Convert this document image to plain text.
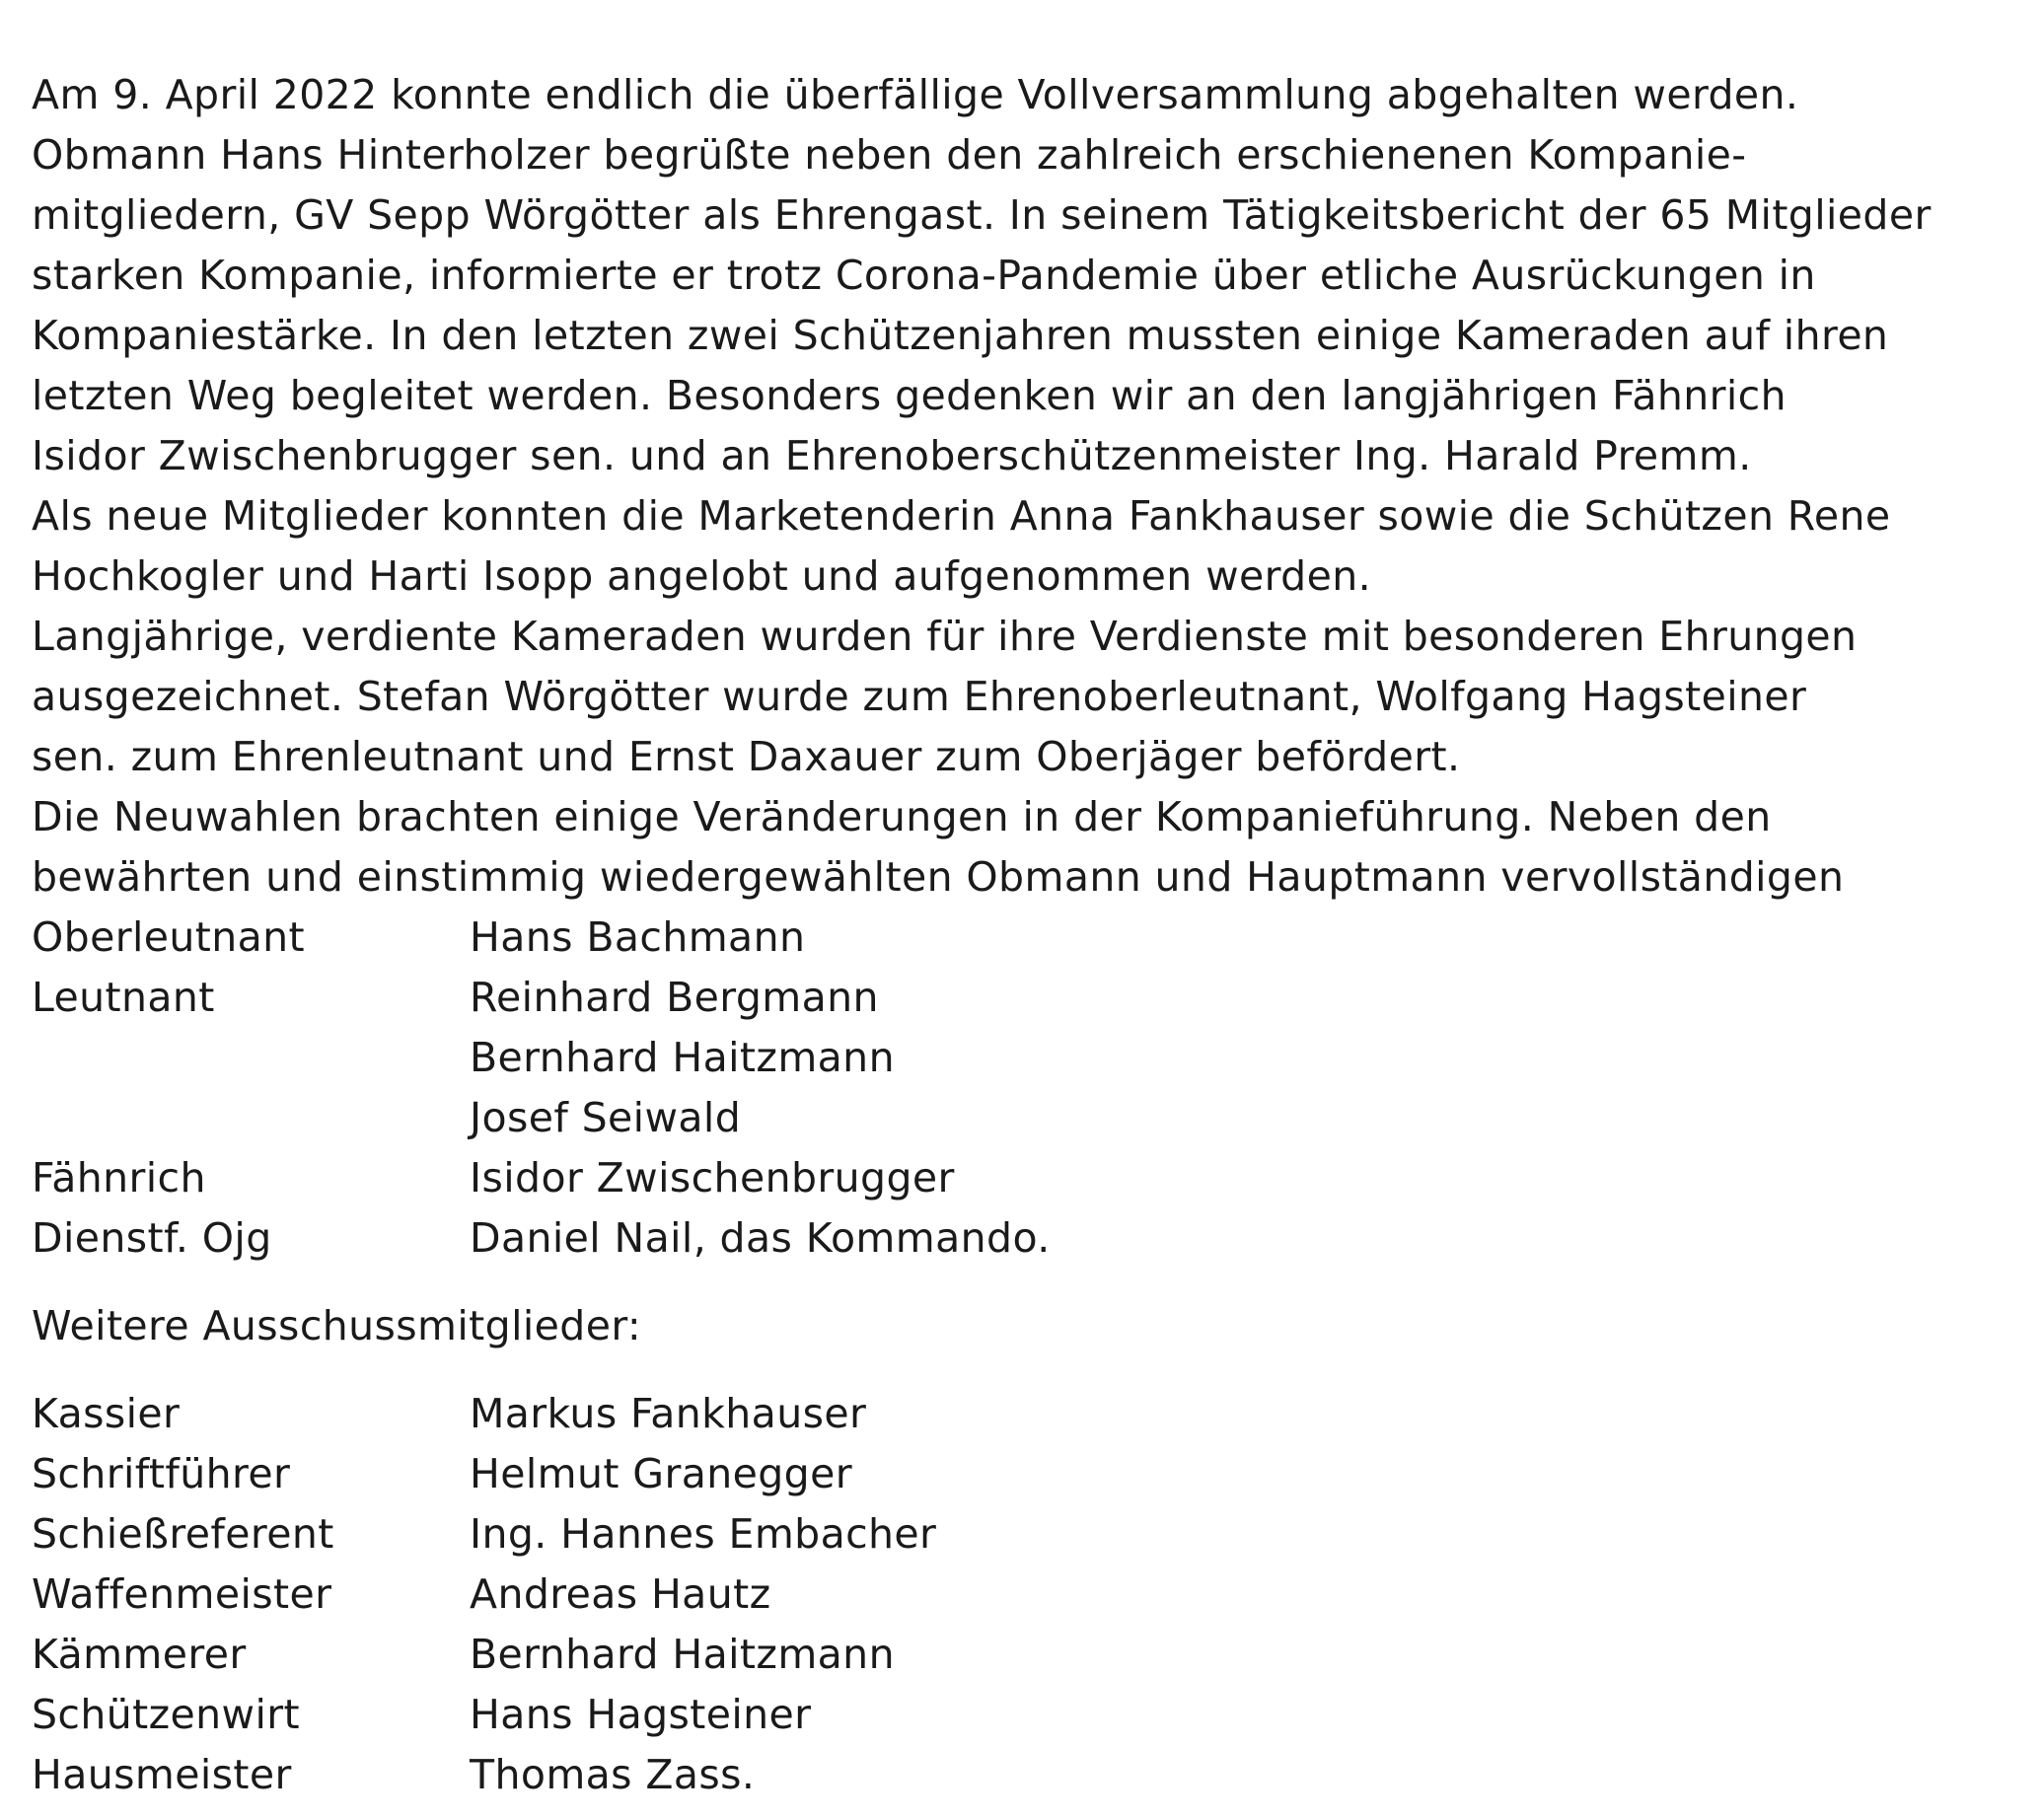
Am 9. April 2022 konnte endlich die überfällige Vollversammlung abgehalten werden.
Obmann Hans Hinterholzer begrüßte neben den zahlreich erschienenen Kompanie-
mitgliedern, GV Sepp Wörgötter als Ehrengast. In seinem Tätigkeitsbericht der 65 Mitglieder
starken Kompanie, informierte er trotz Corona-Pandemie über etliche Ausrückungen in
Kompaniestärke. In den letzten zwei Schützenjahren mussten einige Kameraden auf ihren
letzten Weg begleitet werden. Besonders gedenken wir an den langjährigen Fähnrich
Isidor Zwischenbrugger sen. und an Ehrenoberschützenmeister Ing. Harald Premm.
Als neue Mitglieder konnten die Marketenderin Anna Fankhauser sowie die Schützen Rene
Hochkogler und Harti Isopp angelobt und aufgenommen werden.
Langjährige, verdiente Kameraden wurden für ihre Verdienste mit besonderen Ehrungen
ausgezeichnet. Stefan Wörgötter wurde zum Ehrenoberleutnant, Wolfgang Hagsteiner
sen. zum Ehrenleutnant und Ernst Daxauer zum Oberjäger befördert.
Die Neuwahlen brachten einige Veränderungen in der Kompanieführung. Neben den
bewährten und einstimmig wiedergewählten Obmann und Hauptmann vervollständigen
Oberleutnant	Hans Bachmann
Leutnant	Reinhard Bergmann
Bernhard Haitzmann
Josef Seiwald
Fähnrich	Isidor Zwischenbrugger
Dienstf. Ojg	Daniel Nail, das Kommando.
Weitere Ausschussmitglieder:
Kassier	Markus Fankhauser
Schriftführer	Helmut Granegger
Schießreferent	Ing. Hannes Embacher
Waffenmeister	Andreas Hautz
Kämmerer	Bernhard Haitzmann
Schützenwirt	Hans Hagsteiner
Hausmeister	Thomas Zass.
